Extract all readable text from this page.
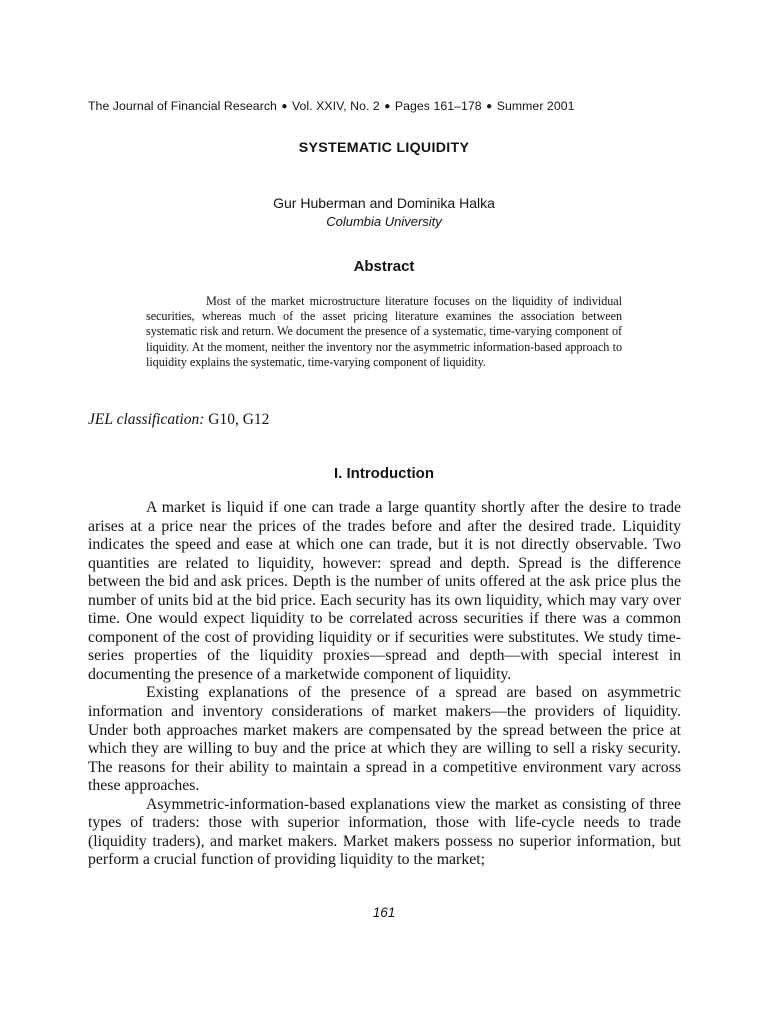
The Journal of Financial Research ● Vol. XXIV, No. 2 ● Pages 161–178 ● Summer 2001
SYSTEMATIC LIQUIDITY
Gur Huberman and Dominika Halka
Columbia University
Abstract
Most of the market microstructure literature focuses on the liquidity of individual securities, whereas much of the asset pricing literature examines the association between systematic risk and return. We document the presence of a systematic, time-varying component of liquidity. At the moment, neither the inventory nor the asymmetric information-based approach to liquidity explains the systematic, time-varying component of liquidity.
JEL classification: G10, G12
I. Introduction

A market is liquid if one can trade a large quantity shortly after the desire to trade arises at a price near the prices of the trades before and after the desired trade. Liquidity indicates the speed and ease at which one can trade, but it is not directly observable. Two quantities are related to liquidity, however: spread and depth. Spread is the difference between the bid and ask prices. Depth is the number of units offered at the ask price plus the number of units bid at the bid price. Each security has its own liquidity, which may vary over time. One would expect liquidity to be correlated across securities if there was a common component of the cost of providing liquidity or if securities were substitutes. We study time-series properties of the liquidity proxies—spread and depth—with special interest in documenting the presence of a marketwide component of liquidity.

Existing explanations of the presence of a spread are based on asymmetric information and inventory considerations of market makers—the providers of liquidity. Under both approaches market makers are compensated by the spread between the price at which they are willing to buy and the price at which they are willing to sell a risky security. The reasons for their ability to maintain a spread in a competitive environment vary across these approaches.

Asymmetric-information-based explanations view the market as consisting of three types of traders: those with superior information, those with life-cycle needs to trade (liquidity traders), and market makers. Market makers possess no superior information, but perform a crucial function of providing liquidity to the market;

161
